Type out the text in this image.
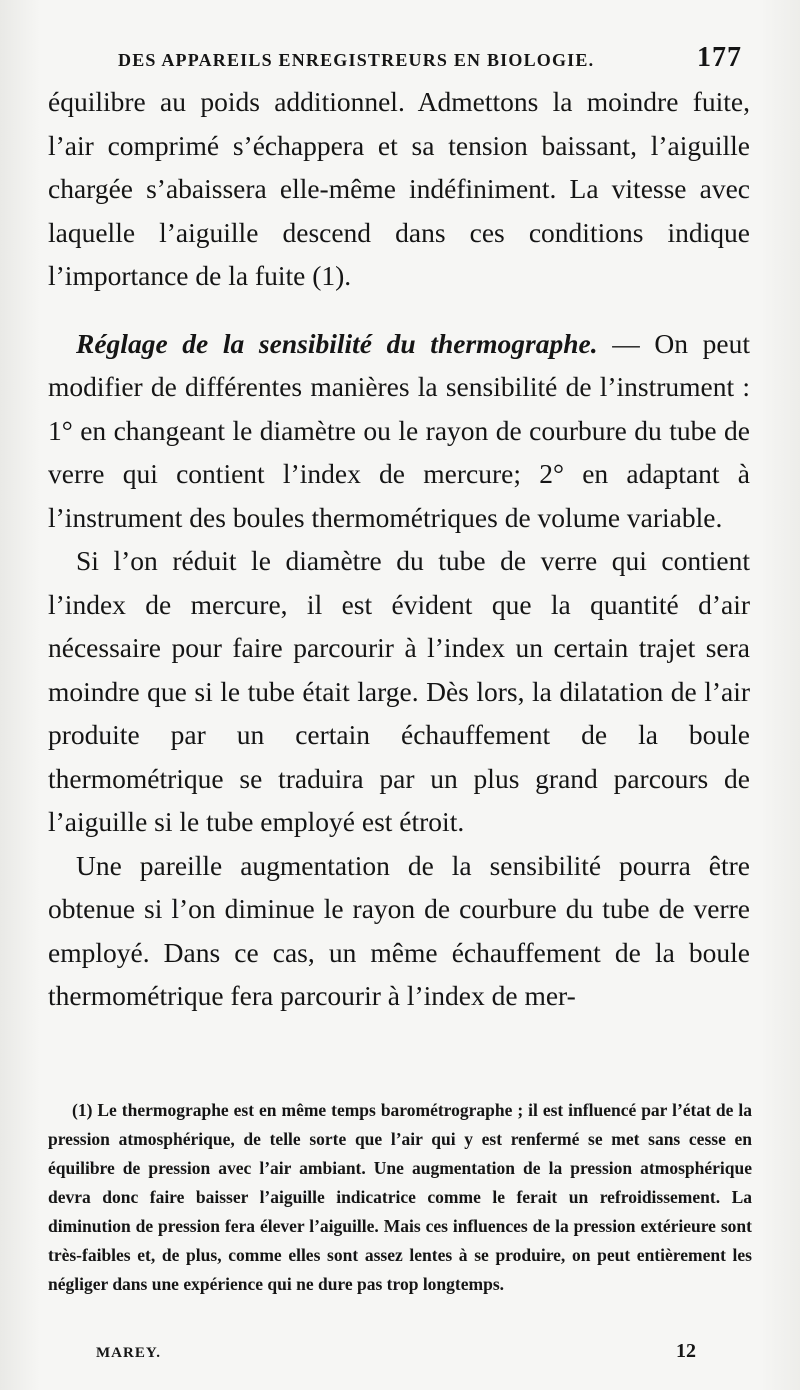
DES APPAREILS ENREGISTREURS EN BIOLOGIE.	177

équilibre au poids additionnel. Admettons la moindre fuite, l’air comprimé s’échappera et sa tension baissant, l’aiguille chargée s’abaissera elle-même indéfiniment. La vitesse avec laquelle l’aiguille descend dans ces conditions indique l’importance de la fuite (1).

Réglage de la sensibilité du thermographe. — On peut modifier de différentes manières la sensibilité de l’instrument : 1° en changeant le diamètre ou le rayon de courbure du tube de verre qui contient l’index de mercure; 2° en adaptant à l’instrument des boules thermométriques de volume variable.

Si l’on réduit le diamètre du tube de verre qui contient l’index de mercure, il est évident que la quantité d’air nécessaire pour faire parcourir à l’index un certain trajet sera moindre que si le tube était large. Dès lors, la dilatation de l’air produite par un certain échauffement de la boule thermométrique se traduira par un plus grand parcours de l’aiguille si le tube employé est étroit.

Une pareille augmentation de la sensibilité pourra être obtenue si l’on diminue le rayon de courbure du tube de verre employé. Dans ce cas, un même échauffement de la boule thermométrique fera parcourir à l’index de mer-

(1) Le thermographe est en même temps barométrographe ; il est influencé par l’état de la pression atmosphérique, de telle sorte que l’air qui y est renfermé se met sans cesse en équilibre de pression avec l’air ambiant. Une augmentation de la pression atmosphérique devra donc faire baisser l’aiguille indicatrice comme le ferait un refroidissement. La diminution de pression fera élever l’aiguille. Mais ces influences de la pression extérieure sont très-faibles et, de plus, comme elles sont assez lentes à se produire, on peut entièrement les négliger dans une expérience qui ne dure pas trop longtemps.

MAREY.	12
